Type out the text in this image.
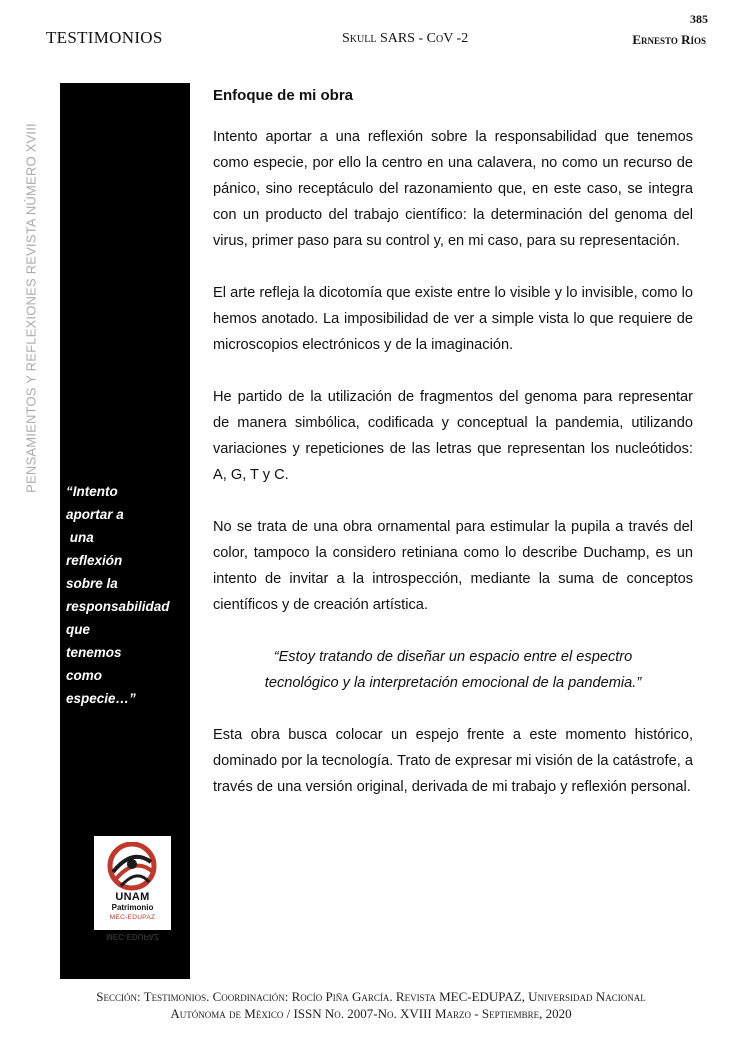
385
TESTIMONIOS	Skull SARS - CoV -2	Ernesto Ríos
PENSAMIENTOS Y REFLEXIONES REVISTA NÚMERO XVIII “Intento
aportar a
una
reflexión
sobre la
responsabilidad
que
tenemos
como
especie…”
UNAM
Patrimonio
MEC-EDUPAZ
MEC-EDUPAZ
Enfoque de mi obra

Intento aportar a una reflexión sobre la responsabilidad que tenemos como especie, por ello la centro en una calavera, no como un recurso de pánico, sino receptáculo del razonamiento que, en este caso, se integra con un producto del trabajo científico: la determinación del genoma del virus, primer paso para su control y, en mi caso, para su representación.

El arte refleja la dicotomía que existe entre lo visible y lo invisible, como lo hemos anotado. La imposibilidad de ver a simple vista lo que requiere de microscopios electrónicos y de la imaginación.

He partido de la utilización de fragmentos del genoma para representar de manera simbólica, codificada y conceptual la pandemia, utilizando variaciones y repeticiones de las letras que representan los nucleótidos: A, G, T y C.

No se trata de una obra ornamental para estimular la pupila a través del color, tampoco la considero retiniana como lo describe Duchamp, es un intento de invitar a la introspección, mediante la suma de conceptos científicos y de creación artística.

“Estoy tratando de diseñar un espacio entre el espectro
tecnológico y la interpretación emocional de la pandemia.”

Esta obra busca colocar un espejo frente a este momento histórico, dominado por la tecnología. Trato de expresar mi visión de la catástrofe, a través de una versión original, derivada de mi trabajo y reflexión personal.

Sección: Testimonios. Coordinación: Rocío Piña García. Revista MEC-EDUPAZ, Universidad Nacional
Autónoma de México / ISSN No. 2007-No. XVIII Marzo - Septiembre, 2020
